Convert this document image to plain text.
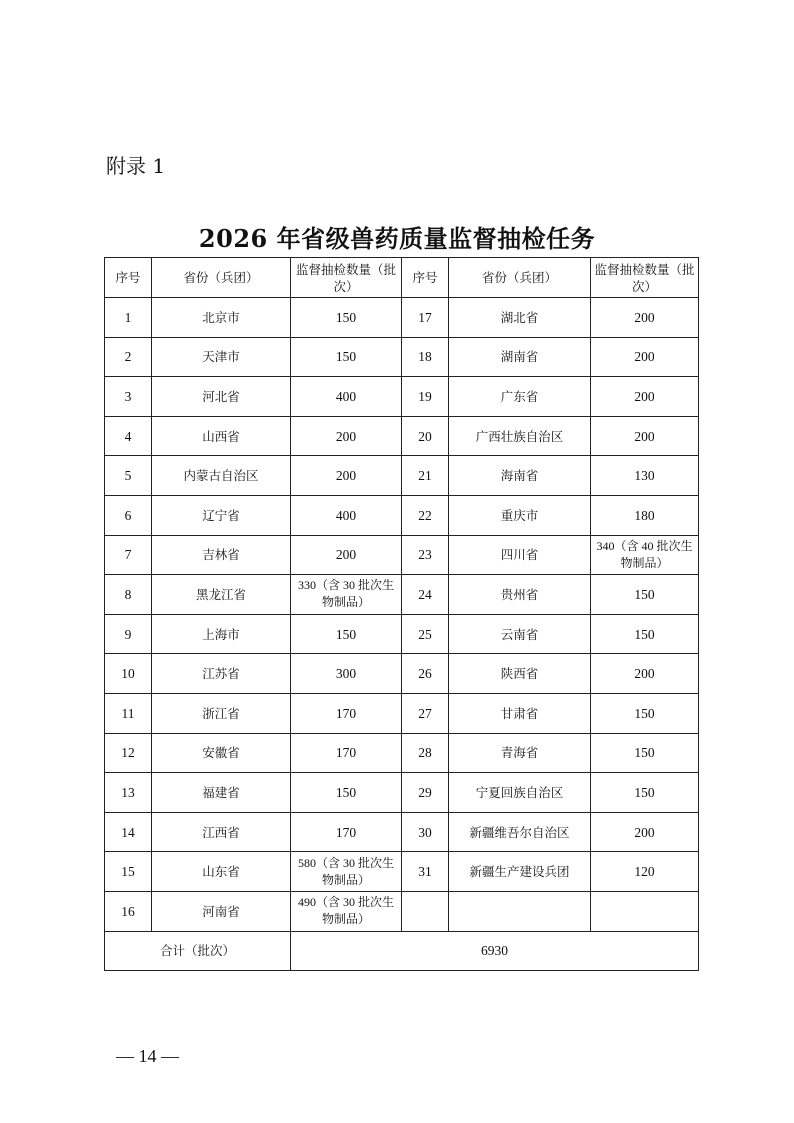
附录 1
2026 年省级兽药质量监督抽检任务
序号	省份（兵团）	监督抽检数量（批次）	序号	省份（兵团）	监督抽检数量（批次）
1	北京市	150	17	湖北省	200
2	天津市	150	18	湖南省	200
3	河北省	400	19	广东省	200
4	山西省	200	20	广西壮族自治区	200
5	内蒙古自治区	200	21	海南省	130
6	辽宁省	400	22	重庆市	180
7	吉林省	200	23	四川省	340（含 40 批次生物制品）
8	黑龙江省	330（含 30 批次生物制品）	24	贵州省	150
9	上海市	150	25	云南省	150
10	江苏省	300	26	陕西省	200
11	浙江省	170	27	甘肃省	150
12	安徽省	170	28	青海省	150
13	福建省	150	29	宁夏回族自治区	150
14	江西省	170	30	新疆维吾尔自治区	200
15	山东省	580（含 30 批次生物制品）	31	新疆生产建设兵团	120
16	河南省	490（含 30 批次生物制品）			
合计（批次）		6930			
— 14 —
